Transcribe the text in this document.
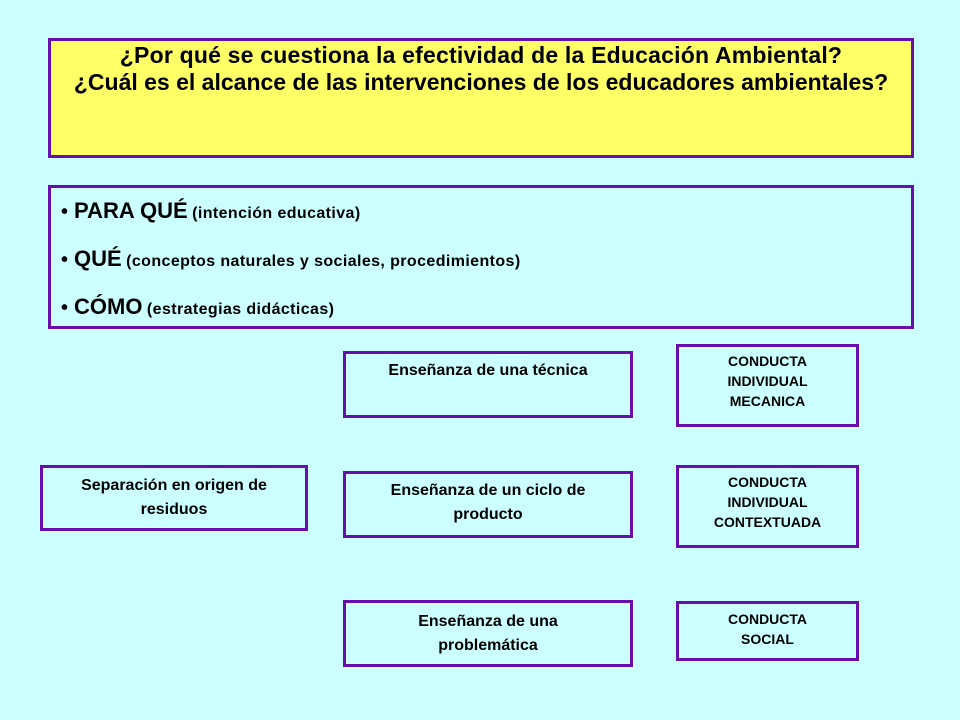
¿Por qué se cuestiona la efectividad de la Educación Ambiental?
¿Cuál es el alcance de las intervenciones de los educadores ambientales?
• PARA QUÉ (intención educativa)
• QUÉ (conceptos naturales y sociales, procedimientos)
• CÓMO (estrategias didácticas)
Separación en origen de residuos
Enseñanza de una técnica
Enseñanza de un ciclo de producto
Enseñanza de una problemática
CONDUCTA INDIVIDUAL MECANICA
CONDUCTA INDIVIDUAL CONTEXTUADA
CONDUCTA SOCIAL
